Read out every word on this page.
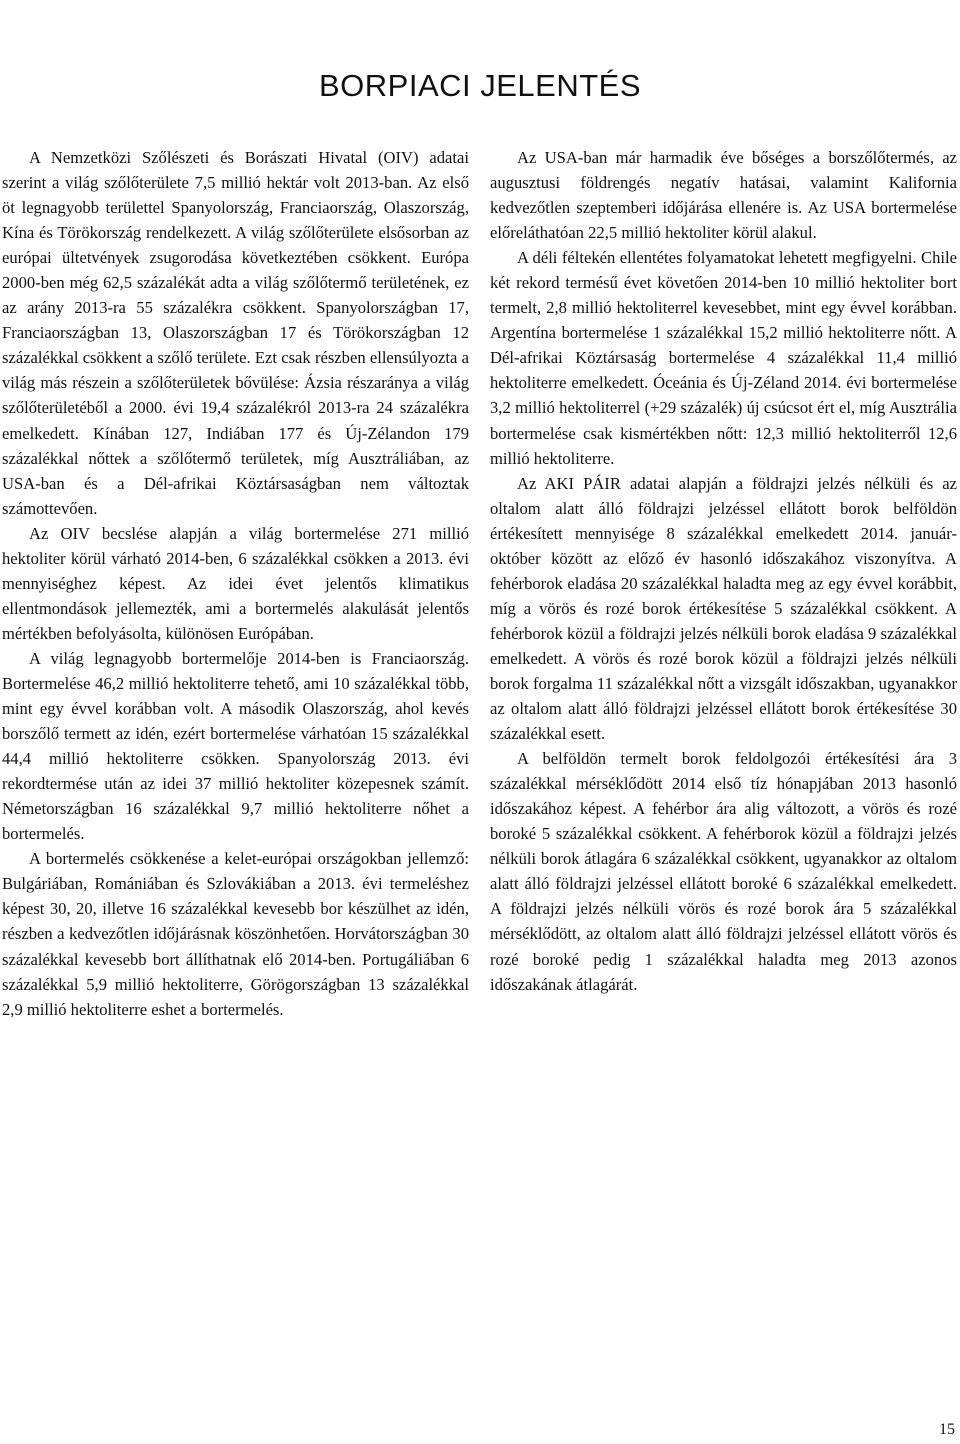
BORPIACI JELENTÉS

A Nemzetközi Szőlészeti és Borászati Hivatal (OIV) adatai szerint a világ szőlőterülete 7,5 millió hektár volt 2013-ban. Az első öt legnagyobb területtel Spanyolország, Franciaország, Olaszország, Kína és Törökország rendelkezett. A világ szőlőterülete elsősorban az európai ültetvények zsugorodása következtében csökkent. Európa 2000-ben még 62,5 százalékát adta a világ szőlőtermő területének, ez az arány 2013-ra 55 százalékra csökkent. Spanyolországban 17, Franciaországban 13, Olaszországban 17 és Törökországban 12 százalékkal csökkent a szőlő területe. Ezt csak részben ellensúlyozta a világ más részein a szőlőterületek bővülése: Ázsia részaránya a világ szőlőterületéből a 2000. évi 19,4 százalékról 2013-ra 24 százalékra emelkedett. Kínában 127, Indiában 177 és Új-Zélandon 179 százalékkal nőttek a szőlőtermő területek, míg Ausztráliában, az USA-ban és a Dél-afrikai Köztársaságban nem változtak számottevően.

Az OIV becslése alapján a világ bortermelése 271 millió hektoliter körül várható 2014-ben, 6 százalékkal csökken a 2013. évi mennyiséghez képest. Az idei évet jelentős klimatikus ellentmondások jellemezték, ami a bortermelés alakulását jelentős mértékben befolyásolta, különösen Európában.

A világ legnagyobb bortermelője 2014-ben is Franciaország. Bortermelése 46,2 millió hektoliterre tehető, ami 10 százalékkal több, mint egy évvel korábban volt. A második Olaszország, ahol kevés borszőlő termett az idén, ezért bortermelése várhatóan 15 százalékkal 44,4 millió hektoliterre csökken. Spanyolország 2013. évi rekordtermése után az idei 37 millió hektoliter közepesnek számít. Németországban 16 százalékkal 9,7 millió hektoliterre nőhet a bortermelés.

A bortermelés csökkenése a kelet-európai országokban jellemző: Bulgáriában, Romániában és Szlovákiában a 2013. évi termeléshez képest 30, 20, illetve 16 százalékkal kevesebb bor készülhet az idén, részben a kedvezőtlen időjárásnak köszönhetően. Horvátországban 30 százalékkal kevesebb bort állíthatnak elő 2014-ben. Portugáliában 6 százalékkal 5,9 millió hektoliterre, Görögországban 13 százalékkal 2,9 millió hektoliterre eshet a bortermelés.

Az USA-ban már harmadik éve bőséges a borszőlőtermés, az augusztusi földrengés negatív hatásai, valamint Kalifornia kedvezőtlen szeptemberi időjárása ellenére is. Az USA bortermelése előreláthatóan 22,5 millió hektoliter körül alakul.

A déli féltekén ellentétes folyamatokat lehetett megfigyelni. Chile két rekord termésű évet követően 2014-ben 10 millió hektoliter bort termelt, 2,8 millió hektoliterrel kevesebbet, mint egy évvel korábban. Argentína bortermelése 1 százalékkal 15,2 millió hektoliterre nőtt. A Dél-afrikai Köztársaság bortermelése 4 százalékkal 11,4 millió hektoliterre emelkedett. Óceánia és Új-Zéland 2014. évi bortermelése 3,2 millió hektoliterrel (+29 százalék) új csúcsot ért el, míg Ausztrália bortermelése csak kismértékben nőtt: 12,3 millió hektoliterről 12,6 millió hektoliterre.

Az AKI PÁIR adatai alapján a földrajzi jelzés nélküli és az oltalom alatt álló földrajzi jelzéssel ellátott borok belföldön értékesített mennyisége 8 százalékkal emelkedett 2014. január-október között az előző év hasonló időszakához viszonyítva. A fehérborok eladása 20 százalékkal haladta meg az egy évvel korábbit, míg a vörös és rozé borok értékesítése 5 százalékkal csökkent. A fehérborok közül a földrajzi jelzés nélküli borok eladása 9 százalékkal emelkedett. A vörös és rozé borok közül a földrajzi jelzés nélküli borok forgalma 11 százalékkal nőtt a vizsgált időszakban, ugyanakkor az oltalom alatt álló földrajzi jelzéssel ellátott borok értékesítése 30 százalékkal esett.

A belföldön termelt borok feldolgozói értékesítési ára 3 százalékkal mérséklődött 2014 első tíz hónapjában 2013 hasonló időszakához képest. A fehérbor ára alig változott, a vörös és rozé boroké 5 százalékkal csökkent. A fehérborok közül a földrajzi jelzés nélküli borok átlagára 6 százalékkal csökkent, ugyanakkor az oltalom alatt álló földrajzi jelzéssel ellátott boroké 6 százalékkal emelkedett. A földrajzi jelzés nélküli vörös és rozé borok ára 5 százalékkal mérséklődött, az oltalom alatt álló földrajzi jelzéssel ellátott vörös és rozé boroké pedig 1 százalékkal haladta meg 2013 azonos időszakának átlagárát.

15
